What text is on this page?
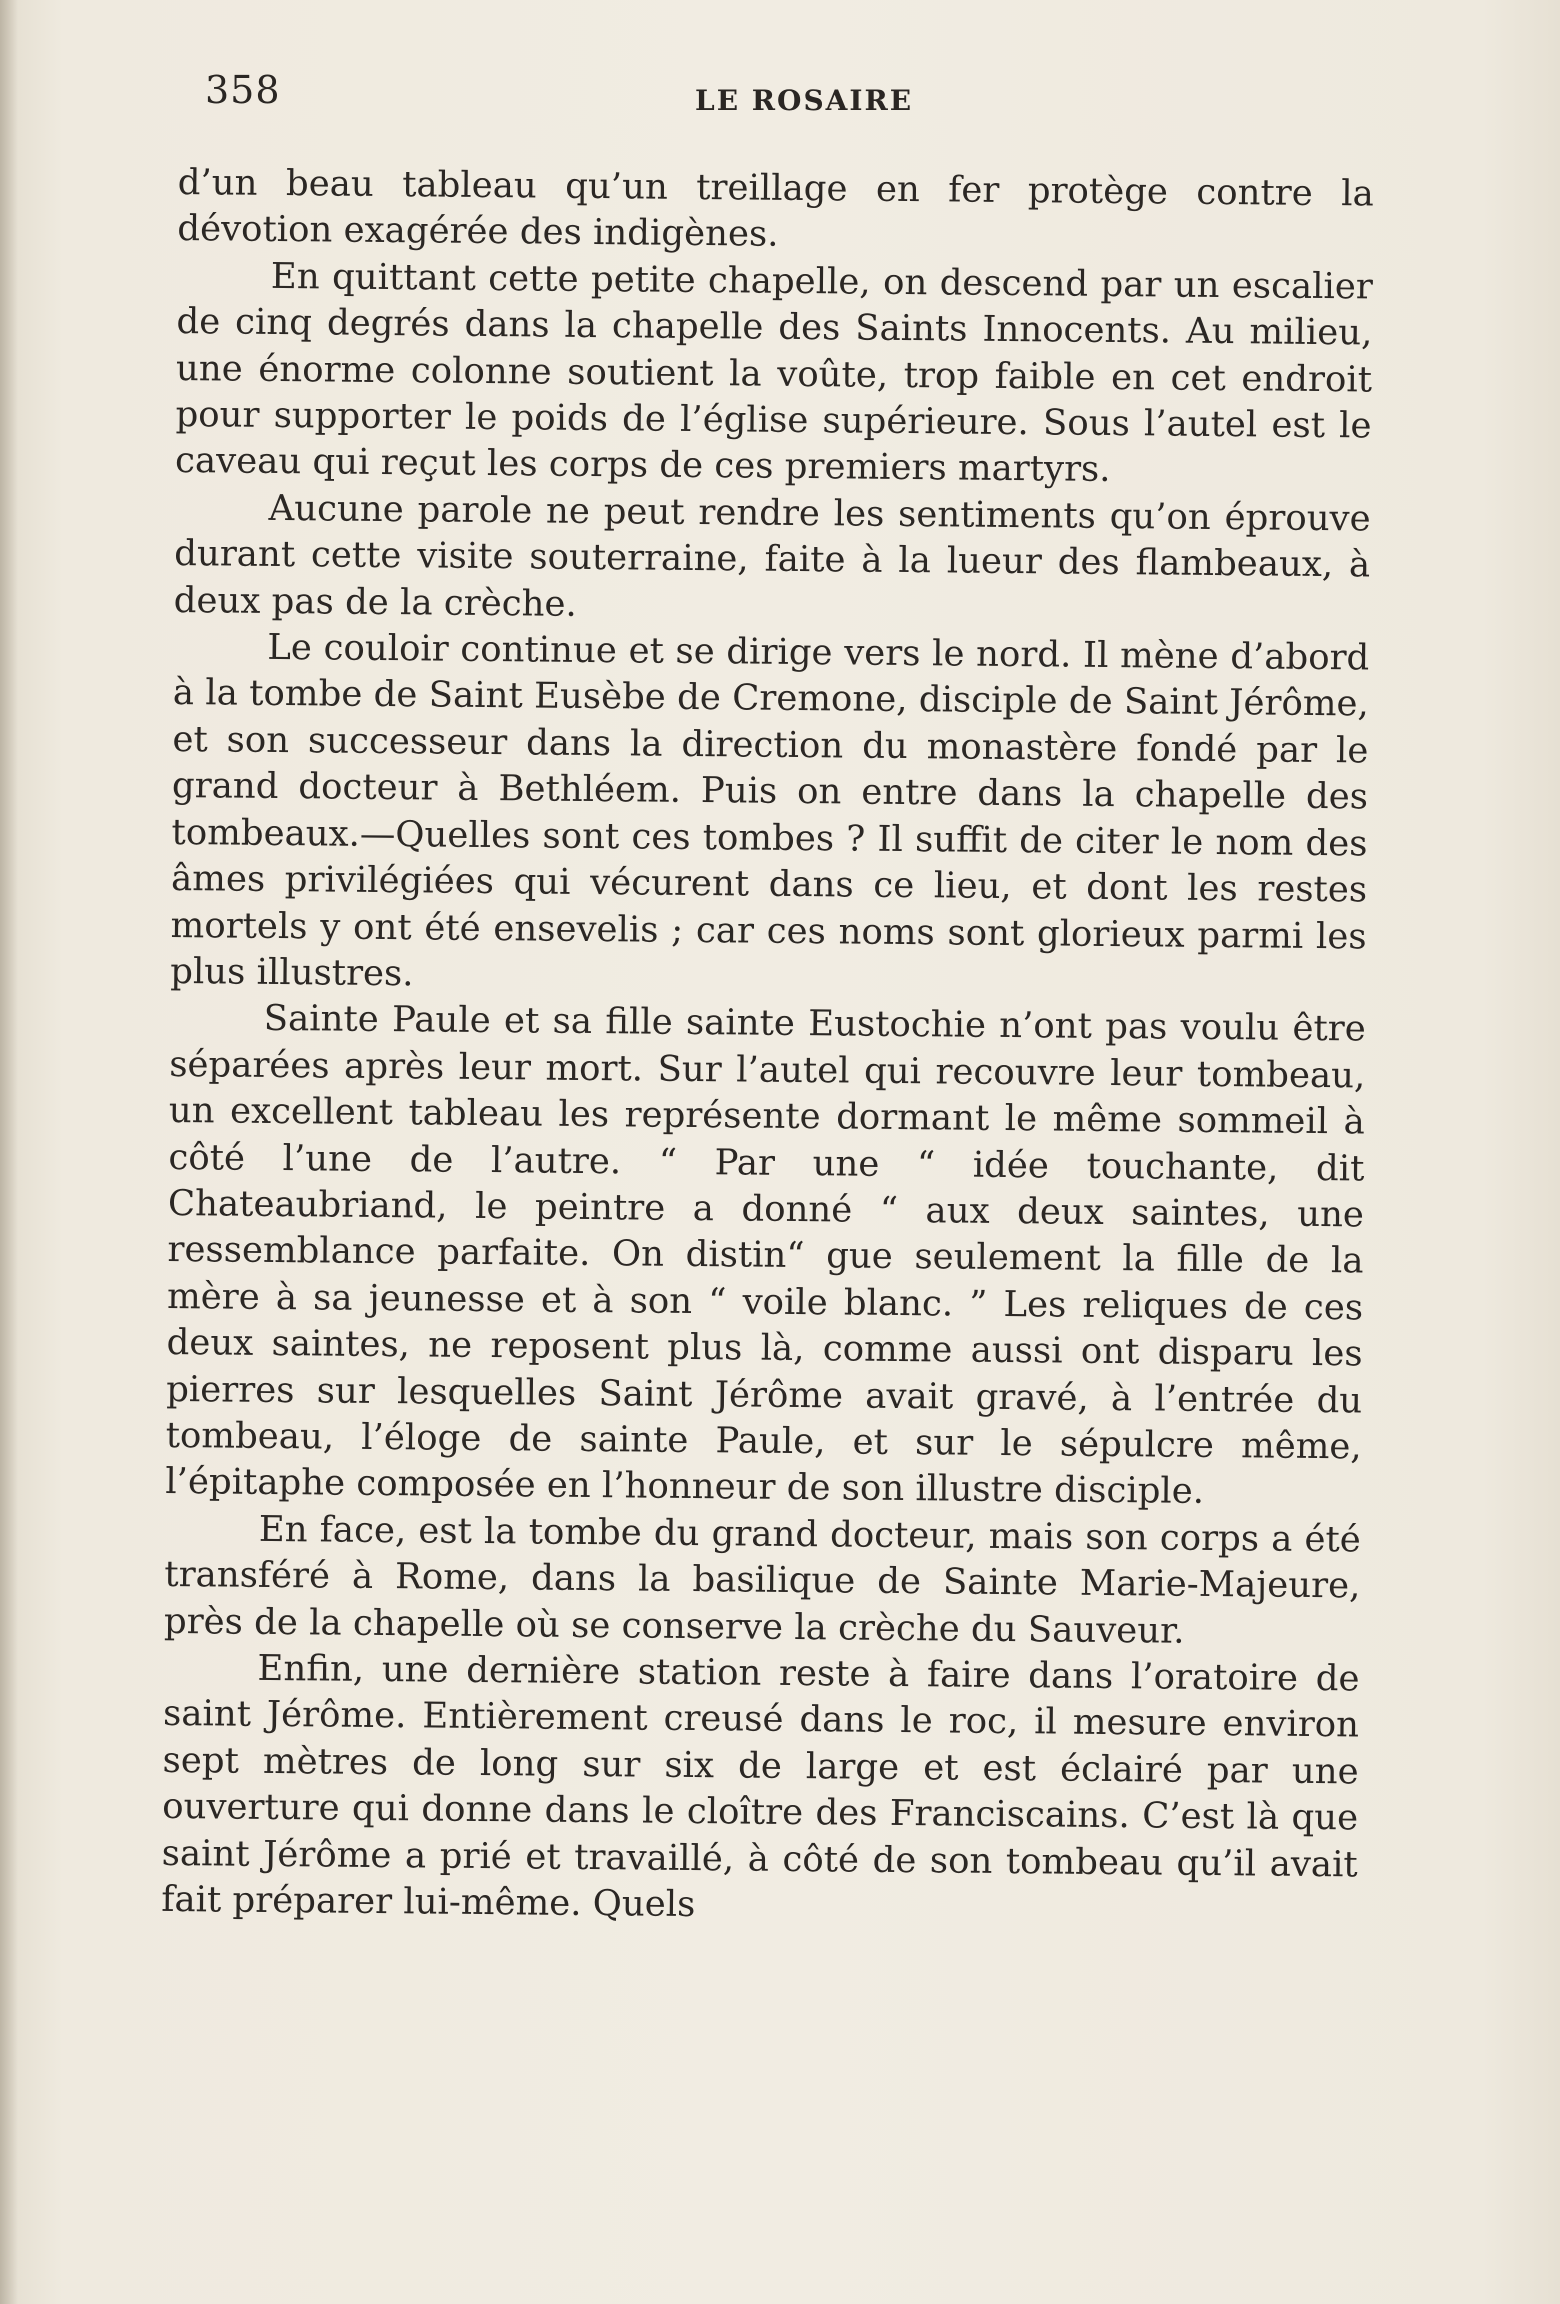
358	LE ROSAIRE

d’un beau tableau qu’un treillage en fer protège contre la dévotion exagérée des indigènes.

En quittant cette petite chapelle, on descend par un escalier de cinq degrés dans la chapelle des Saints Innocents. Au milieu, une énorme colonne soutient la voûte, trop faible en cet endroit pour supporter le poids de l’église supérieure. Sous l’autel est le caveau qui reçut les corps de ces premiers martyrs.

Aucune parole ne peut rendre les sentiments qu’on éprouve durant cette visite souterraine, faite à la lueur des flambeaux, à deux pas de la crèche.

Le couloir continue et se dirige vers le nord. Il mène d’abord à la tombe de Saint Eusèbe de Cremone, disciple de Saint Jérôme, et son successeur dans la direction du monastère fondé par le grand docteur à Bethléem. Puis on entre dans la chapelle des tombeaux.—Quelles sont ces tombes ? Il suffit de citer le nom des âmes privilégiées qui vécurent dans ce lieu, et dont les restes mortels y ont été ensevelis ; car ces noms sont glorieux parmi les plus illustres.

Sainte Paule et sa fille sainte Eustochie n’ont pas voulu être séparées après leur mort. Sur l’autel qui recouvre leur tombeau, un excellent tableau les représente dormant le même sommeil à côté l’une de l’autre. “ Par une “ idée touchante, dit Chateaubriand, le peintre a donné “ aux deux saintes, une ressemblance parfaite. On distin“ gue seulement la fille de la mère à sa jeunesse et à son “ voile blanc. ” Les reliques de ces deux saintes, ne reposent plus là, comme aussi ont disparu les pierres sur lesquelles Saint Jérôme avait gravé, à l’entrée du tombeau, l’éloge de sainte Paule, et sur le sépulcre même, l’épitaphe composée en l’honneur de son illustre disciple.

En face, est la tombe du grand docteur, mais son corps a été transféré à Rome, dans la basilique de Sainte Marie-Majeure, près de la chapelle où se conserve la crèche du Sauveur.

Enfin, une dernière station reste à faire dans l’oratoire de saint Jérôme. Entièrement creusé dans le roc, il mesure environ sept mètres de long sur six de large et est éclairé par une ouverture qui donne dans le cloître des Franciscains. C’est là que saint Jérôme a prié et travaillé, à côté de son tombeau qu’il avait fait préparer lui-même. Quels
